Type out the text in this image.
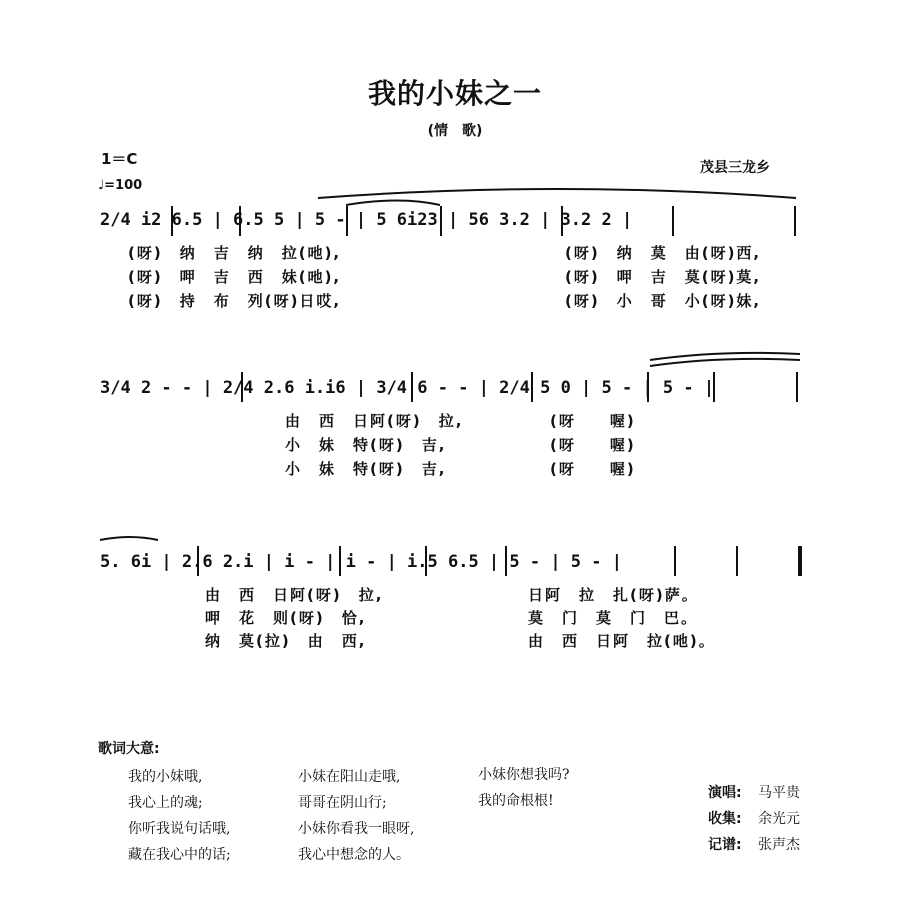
我的小妹之一
(情　歌)
1＝C
♩=100
茂县三龙乡
2/4 i2 6.5 | 6.5 5 | 5 - | 5 6i23 | 56 3.2 | 3.2 2 |
(呀)　纳　吉　纳　拉(吔),
(呀)　呷　吉　西　妹(吔),
(呀)　持　布　列(呀)日哎,
(呀)　纳　莫　由(呀)西,
(呀)　呷　吉　莫(呀)莫,
(呀)　小　哥　小(呀)妹,
3/4 2 - - | 2/4 2.6 i.i6 | 3/4 6 - - | 2/4 5 0 | 5 - | 5 - |
由　西　日阿(呀)　拉,
小　妹　特(呀)　吉,
小　妹　特(呀)　吉,
(呀　　喔)
(呀　　喔)
(呀　　喔)
5. 6i | 2.6 2.i | i - | i - | i.5 6.5 | 5 - | 5 - |
由　西　日阿(呀)　拉,
呷　花　则(呀)　恰,
纳　莫(拉)　由　西,
日阿　拉　扎(呀)萨。
莫　门　莫　门　巴。
由　西　日阿　拉(吔)。
歌词大意:
我的小妹哦,
我心上的魂;
你听我说句话哦,
藏在我心中的话;
小妹在阳山走哦,
哥哥在阴山行;
小妹你看我一眼呀,
我心中想念的人。
小妹你想我吗?
我的命根根!	演唱: 马平贵
收集: 余光元
记谱: 张声杰
